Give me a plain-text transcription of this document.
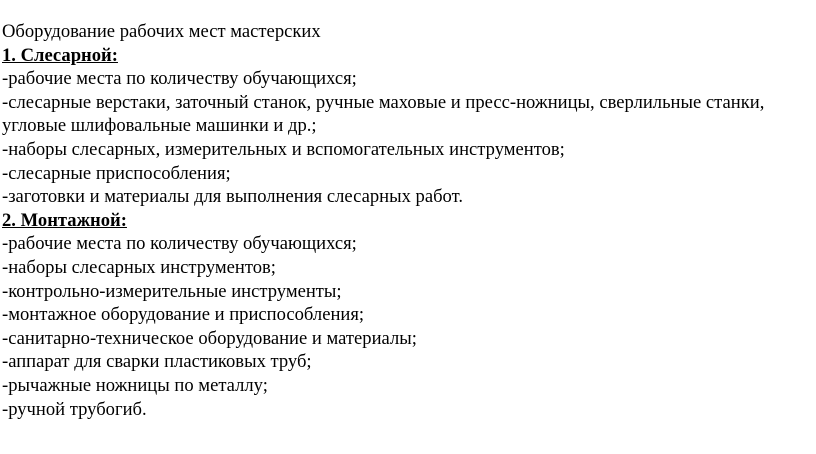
Оборудование рабочих мест мастерских
1. Слесарной:
-рабочие места по количеству обучающихся;
-слесарные верстаки, заточный станок, ручные маховые и пресс-ножницы, сверлильные станки, угловые шлифовальные машинки и др.;
-наборы слесарных, измерительных и вспомогательных инструментов;
-слесарные приспособления;
-заготовки и материалы для выполнения слесарных работ.
2. Монтажной:
-рабочие места по количеству обучающихся;
-наборы слесарных инструментов;
-контрольно-измерительные инструменты;
-монтажное оборудование и приспособления;
-санитарно-техническое оборудование и материалы;
-аппарат для сварки пластиковых труб;
-рычажные ножницы по металлу;
-ручной трубогиб.
